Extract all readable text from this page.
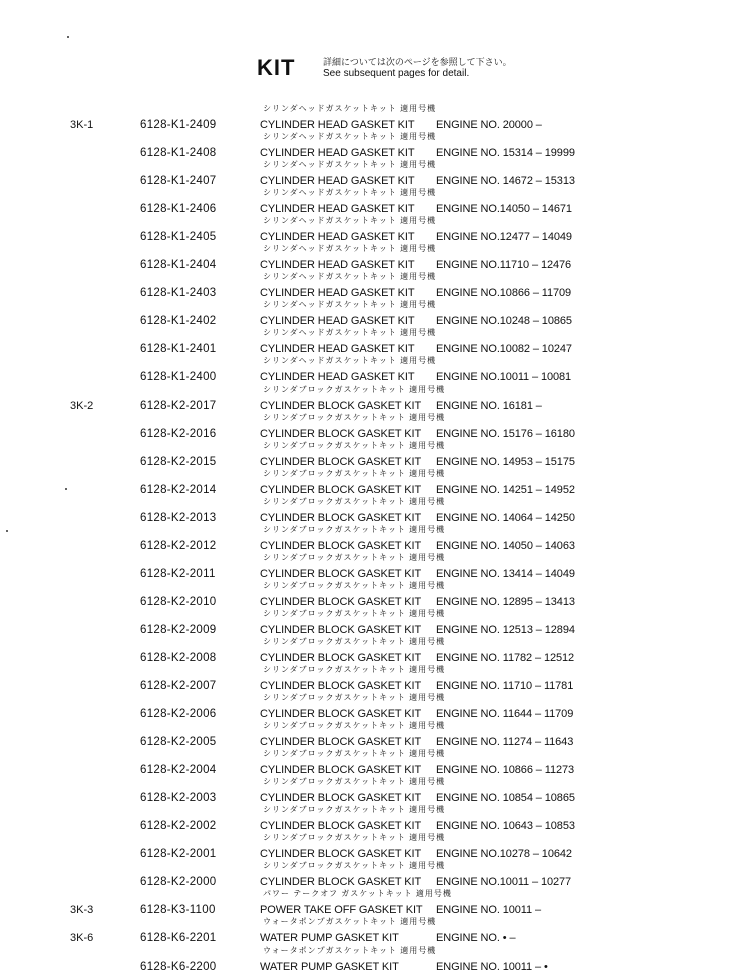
KIT	詳細については次のページを参照して下さい。
See subsequent pages for detail.
3K-1	6128-K1-2409
シリンダヘッドガスケットキット 適用号機
CYLINDER HEAD GASKET KIT ENGINE NO. 20000 –
6128-K1-2408
シリンダヘッドガスケットキット 適用号機
CYLINDER HEAD GASKET KIT ENGINE NO. 15314 – 19999
6128-K1-2407
シリンダヘッドガスケットキット 適用号機
CYLINDER HEAD GASKET KIT ENGINE NO. 14672 – 15313
6128-K1-2406
シリンダヘッドガスケットキット 適用号機
CYLINDER HEAD GASKET KIT ENGINE NO.14050 – 14671
6128-K1-2405
シリンダヘッドガスケットキット 適用号機
CYLINDER HEAD GASKET KIT ENGINE NO.12477 – 14049
6128-K1-2404
シリンダヘッドガスケットキット 適用号機
CYLINDER HEAD GASKET KIT ENGINE NO.11710 – 12476
6128-K1-2403
シリンダヘッドガスケットキット 適用号機
CYLINDER HEAD GASKET KIT ENGINE NO.10866 – 11709
6128-K1-2402
シリンダヘッドガスケットキット 適用号機
CYLINDER HEAD GASKET KIT ENGINE NO.10248 – 10865
6128-K1-2401
シリンダヘッドガスケットキット 適用号機
CYLINDER HEAD GASKET KIT ENGINE NO.10082 – 10247
6128-K1-2400
シリンダヘッドガスケットキット 適用号機
CYLINDER HEAD GASKET KIT ENGINE NO.10011 – 10081
3K-2	6128-K2-2017
シリンダブロックガスケットキット 適用号機
CYLINDER BLOCK GASKET KIT ENGINE NO. 16181 –
6128-K2-2016
シリンダブロックガスケットキット 適用号機
CYLINDER BLOCK GASKET KIT ENGINE NO. 15176 – 16180
6128-K2-2015
シリンダブロックガスケットキット 適用号機
CYLINDER BLOCK GASKET KIT ENGINE NO. 14953 – 15175
6128-K2-2014
シリンダブロックガスケットキット 適用号機
CYLINDER BLOCK GASKET KIT ENGINE NO. 14251 – 14952
6128-K2-2013
シリンダブロックガスケットキット 適用号機
CYLINDER BLOCK GASKET KIT ENGINE NO. 14064 – 14250
6128-K2-2012
シリンダブロックガスケットキット 適用号機
CYLINDER BLOCK GASKET KIT ENGINE NO. 14050 – 14063
6128-K2-2011
シリンダブロックガスケットキット 適用号機
CYLINDER BLOCK GASKET KIT ENGINE NO. 13414 – 14049
6128-K2-2010
シリンダブロックガスケットキット 適用号機
CYLINDER BLOCK GASKET KIT ENGINE NO. 12895 – 13413
6128-K2-2009
シリンダブロックガスケットキット 適用号機
CYLINDER BLOCK GASKET KIT ENGINE NO. 12513 – 12894
6128-K2-2008
シリンダブロックガスケットキット 適用号機
CYLINDER BLOCK GASKET KIT ENGINE NO. 11782 – 12512
6128-K2-2007
シリンダブロックガスケットキット 適用号機
CYLINDER BLOCK GASKET KIT ENGINE NO. 11710 – 11781
6128-K2-2006
シリンダブロックガスケットキット 適用号機
CYLINDER BLOCK GASKET KIT ENGINE NO. 11644 – 11709
6128-K2-2005
シリンダブロックガスケットキット 適用号機
CYLINDER BLOCK GASKET KIT ENGINE NO. 11274 – 11643
6128-K2-2004
シリンダブロックガスケットキット 適用号機
CYLINDER BLOCK GASKET KIT ENGINE NO. 10866 – 11273
6128-K2-2003
シリンダブロックガスケットキット 適用号機
CYLINDER BLOCK GASKET KIT ENGINE NO. 10854 – 10865
6128-K2-2002
シリンダブロックガスケットキット 適用号機
CYLINDER BLOCK GASKET KIT ENGINE NO. 10643 – 10853
6128-K2-2001
シリンダブロックガスケットキット 適用号機
CYLINDER BLOCK GASKET KIT ENGINE NO.10278 – 10642
6128-K2-2000
シリンダブロックガスケットキット 適用号機
CYLINDER BLOCK GASKET KIT ENGINE NO.10011 – 10277
3K-3	6128-K3-1100
パワー テークオフ ガスケットキット 適用号機
POWER TAKE OFF GASKET KIT ENGINE NO. 10011 –
3K-6	6128-K6-2201
ウォータポンプガスケットキット 適用号機
WATER PUMP GASKET KIT	ENGINE NO. • –
6128-K6-2200
ウォータポンプガスケットキット 適用号機
WATER PUMP GASKET KIT	ENGINE NO. 10011 – •
